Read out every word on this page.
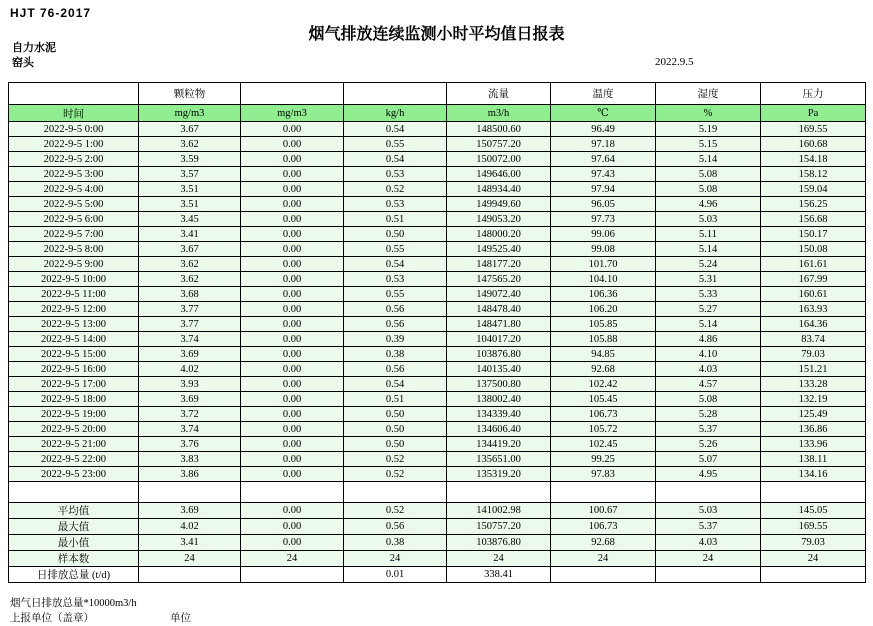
HJT 76-2017
烟气排放连续监测小时平均值日报表
自力水泥
窑头	2022.9.5
	颗粒物			流量	温度	湿度	压力
时间	mg/m3	mg/m3	kg/h	m3/h	℃	%	Pa
2022-9-5 0:00	3.67	0.00	0.54	148500.60	96.49	5.19	169.55
2022-9-5 1:00	3.62	0.00	0.55	150757.20	97.18	5.15	160.68
2022-9-5 2:00	3.59	0.00	0.54	150072.00	97.64	5.14	154.18
2022-9-5 3:00	3.57	0.00	0.53	149646.00	97.43	5.08	158.12
2022-9-5 4:00	3.51	0.00	0.52	148934.40	97.94	5.08	159.04
2022-9-5 5:00	3.51	0.00	0.53	149949.60	96.05	4.96	156.25
2022-9-5 6:00	3.45	0.00	0.51	149053.20	97.73	5.03	156.68
2022-9-5 7:00	3.41	0.00	0.50	148000.20	99.06	5.11	150.17
2022-9-5 8:00	3.67	0.00	0.55	149525.40	99.08	5.14	150.08
2022-9-5 9:00	3.62	0.00	0.54	148177.20	101.70	5.24	161.61
2022-9-5 10:00	3.62	0.00	0.53	147565.20	104.10	5.31	167.99
2022-9-5 11:00	3.68	0.00	0.55	149072.40	106.36	5.33	160.61
2022-9-5 12:00	3.77	0.00	0.56	148478.40	106.20	5.27	163.93
2022-9-5 13:00	3.77	0.00	0.56	148471.80	105.85	5.14	164.36
2022-9-5 14:00	3.74	0.00	0.39	104017.20	105.88	4.86	83.74
2022-9-5 15:00	3.69	0.00	0.38	103876.80	94.85	4.10	79.03
2022-9-5 16:00	4.02	0.00	0.56	140135.40	92.68	4.03	151.21
2022-9-5 17:00	3.93	0.00	0.54	137500.80	102.42	4.57	133.28
2022-9-5 18:00	3.69	0.00	0.51	138002.40	105.45	5.08	132.19
2022-9-5 19:00	3.72	0.00	0.50	134339.40	106.73	5.28	125.49
2022-9-5 20:00	3.74	0.00	0.50	134606.40	105.72	5.37	136.86
2022-9-5 21:00	3.76	0.00	0.50	134419.20	102.45	5.26	133.96
2022-9-5 22:00	3.83	0.00	0.52	135651.00	99.25	5.07	138.11
2022-9-5 23:00	3.86	0.00	0.52	135319.20	97.83	4.95	134.16

平均值	3.69	0.00	0.52	141002.98	100.67	5.03	145.05
最大值	4.02	0.00	0.56	150757.20	106.73	5.37	169.55
最小值	3.41	0.00	0.38	103876.80	92.68	4.03	79.03
样本数	24	24	24	24	24	24	24
日排放总量 (t/d)			0.01	338.41			
烟气日排放总量*10000m3/h
上报单位（盖章）	单位
